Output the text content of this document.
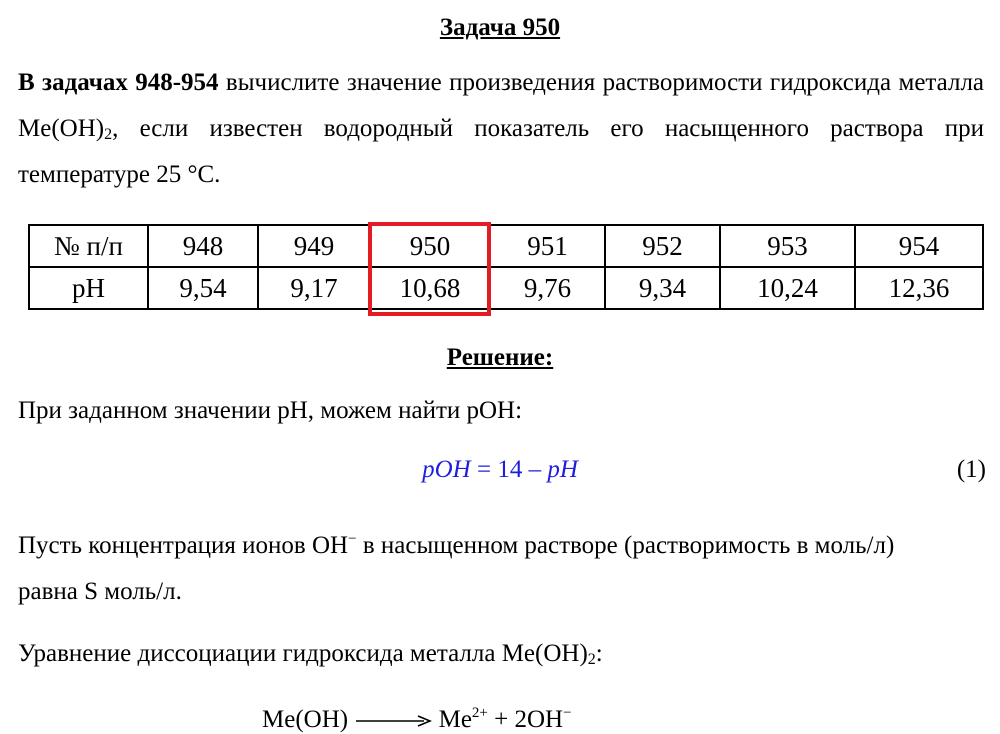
Задача 950
В задачах 948-954 вычислите значение произведения растворимости гидроксида металла $Me(OH)_2$, если известен водородный показатель его насыщенного раствора при температуре 25 °C.
№ п/п	948	949	950	951	952	953	954
pH	9,54	9,17	10,68	9,76	9,34	10,24	12,36
Решение:
При заданном значении pH, можем найти pOH:
pOH = 14 – pH	(1)
Пусть концентрация ионов OH− в насыщенном растворе (растворимость в моль/л)
равна S моль/л.
Уравнение диссоциации гидроксида металла $Me(OH)_2$:
$Me(OH) \to Me^{2+} + 2OH^-$
